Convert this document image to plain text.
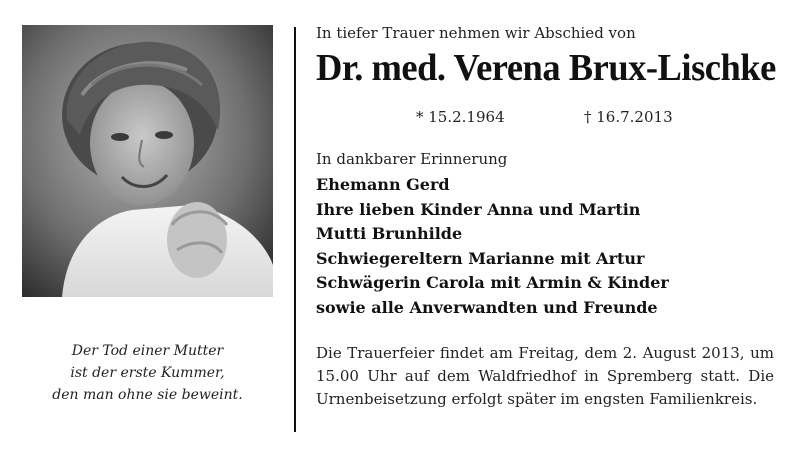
Der Tod einer Mutter
ist der erste Kummer,
den man ohne sie beweint.
In tiefer Trauer nehmen wir Abschied von
Dr. med. Verena Brux-Lischke
* 15.2.1964	† 16.7.2013
In dankbarer Erinnerung
Ehemann Gerd
Ihre lieben Kinder Anna und Martin
Mutti Brunhilde
Schwiegereltern Marianne mit Artur
Schwägerin Carola mit Armin & Kinder
sowie alle Anverwandten und Freunde
Die Trauerfeier findet am Freitag, dem 2. August 2013, um 15.00 Uhr auf dem Waldfriedhof in Spremberg statt. Die Urnenbeisetzung erfolgt später im engsten Familienkreis.
